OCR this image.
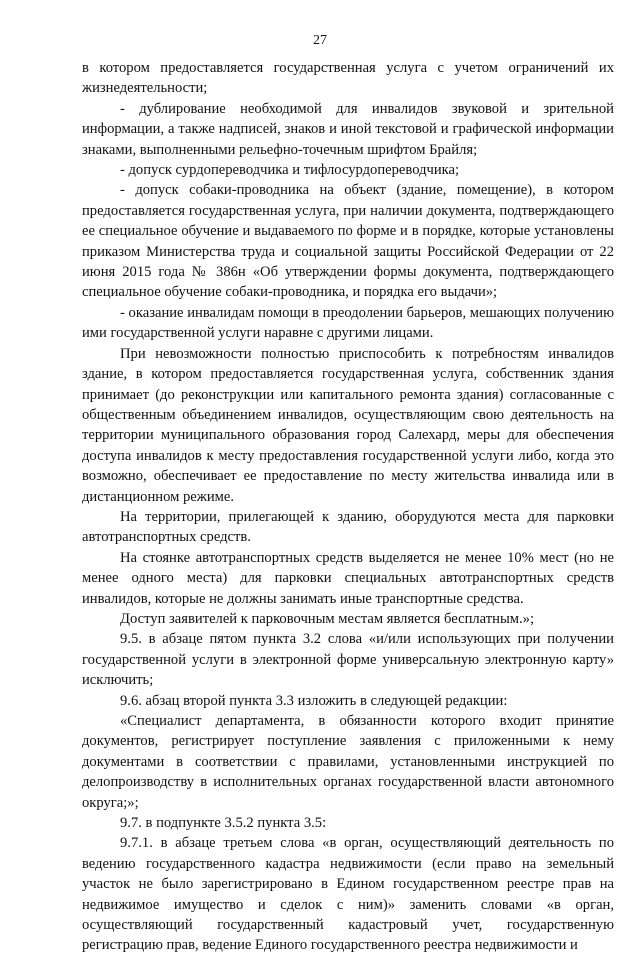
27

в котором предоставляется государственная услуга с учетом ограничений их жизнедеятельности;

- дублирование необходимой для инвалидов звуковой и зрительной информации, а также надписей, знаков и иной текстовой и графической информации знаками, выполненными рельефно-точечным шрифтом Брайля;

- допуск сурдопереводчика и тифлосурдопереводчика;

- допуск собаки-проводника на объект (здание, помещение), в котором предоставляется государственная услуга, при наличии документа, подтверждающего ее специальное обучение и выдаваемого по форме и в порядке, которые установлены приказом Министерства труда и социальной защиты Российской Федерации от 22 июня 2015 года № 386н «Об утверждении формы документа, подтверждающего специальное обучение собаки-проводника, и порядка его выдачи»;

- оказание инвалидам помощи в преодолении барьеров, мешающих получению ими государственной услуги наравне с другими лицами.

При невозможности полностью приспособить к потребностям инвалидов здание, в котором предоставляется государственная услуга, собственник здания принимает (до реконструкции или капитального ремонта здания) согласованные с общественным объединением инвалидов, осуществляющим свою деятельность на территории муниципального образования город Салехард, меры для обеспечения доступа инвалидов к месту предоставления государственной услуги либо, когда это возможно, обеспечивает ее предоставление по месту жительства инвалида или в дистанционном режиме.

На территории, прилегающей к зданию, оборудуются места для парковки автотранспортных средств.

На стоянке автотранспортных средств выделяется не менее 10% мест (но не менее одного места) для парковки специальных автотранспортных средств инвалидов, которые не должны занимать иные транспортные средства.

Доступ заявителей к парковочным местам является бесплатным.»;

9.5. в абзаце пятом пункта 3.2 слова «и/или использующих при получении государственной услуги в электронной форме универсальную электронную карту» исключить;

9.6. абзац второй пункта 3.3 изложить в следующей редакции:

«Специалист департамента, в обязанности которого входит принятие документов, регистрирует поступление заявления с приложенными к нему документами в соответствии с правилами, установленными инструкцией по делопроизводству в исполнительных органах государственной власти автономного округа;»;

9.7. в подпункте 3.5.2 пункта 3.5:

9.7.1. в абзаце третьем слова «в орган, осуществляющий деятельность по ведению государственного кадастра недвижимости (если право на земельный участок не было зарегистрировано в Едином государственном реестре прав на недвижимое имущество и сделок с ним)» заменить словами «в орган, осуществляющий государственный кадастровый учет, государственную регистрацию прав, ведение Единого государственного реестра недвижимости и
